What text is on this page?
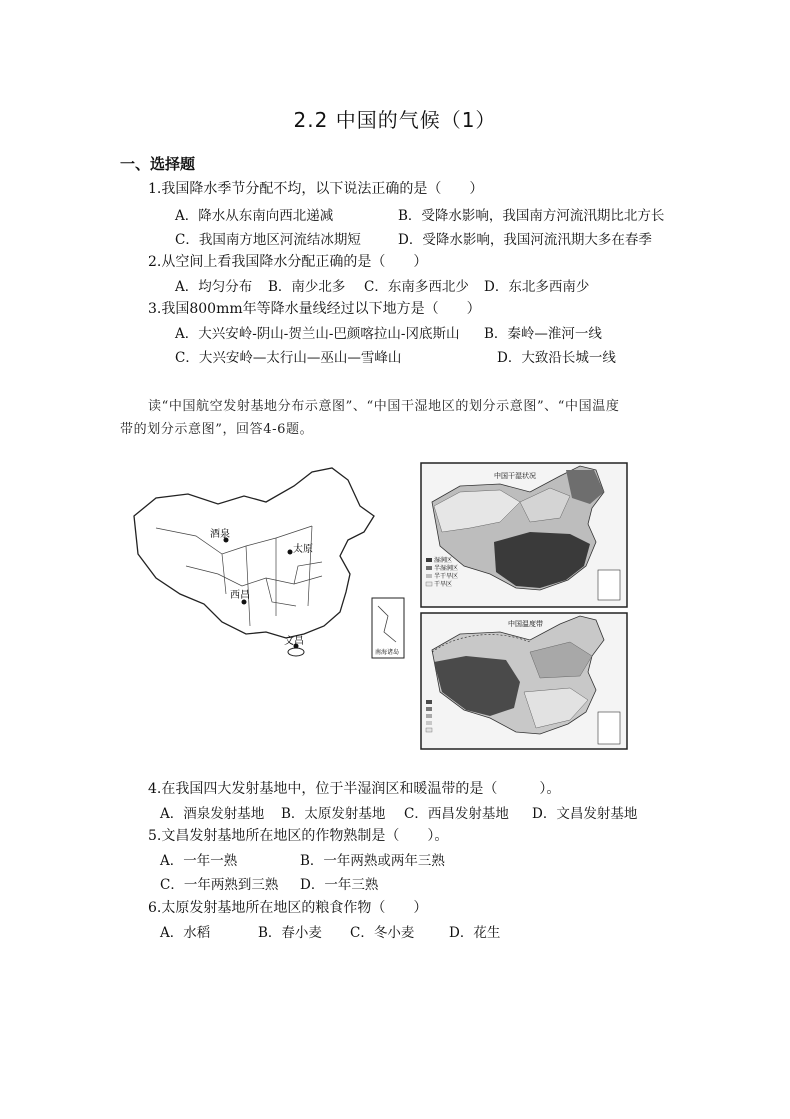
2.2 中国的气候（1）
一、选择题
1.我国降水季节分配不均，以下说法正确的是（　　）
A．降水从东南向西北递减	B．受降水影响，我国南方河流汛期比北方长
C．我国南方地区河流结冰期短	D．受降水影响，我国河流汛期大多在春季
2.从空间上看我国降水分配正确的是（　　）
A．均匀分布 B．南少北多 C．东南多西北少 D．东北多西南少
3.我国800mm年等降水量线经过以下地方是（　　）
A．大兴安岭-阴山-贺兰山-巴颜喀拉山-冈底斯山 B．秦岭—淮河一线
C．大兴安岭—太行山—巫山—雪峰山	D．大致沿长城一线
读“中国航空发射基地分布示意图”、“中国干湿地区的划分示意图”、“中国温度
带的划分示意图”，回答4-6题。
酒泉
太原
西昌
文昌
南海诸岛
中国干湿状况
湿润区
半湿润区
半干旱区
干旱区
中国温度带
4.在我国四大发射基地中，位于半湿润区和暖温带的是（　　　）。
A．酒泉发射基地 B．太原发射基地 C．西昌发射基地 D．文昌发射基地
5.文昌发射基地所在地区的作物熟制是（　　）。
A．一年一熟	B．一年两熟或两年三熟
C．一年两熟到三熟 D．一年三熟
6.太原发射基地所在地区的粮食作物（　　）
A．水稻	B．春小麦 C．冬小麦	D．花生
